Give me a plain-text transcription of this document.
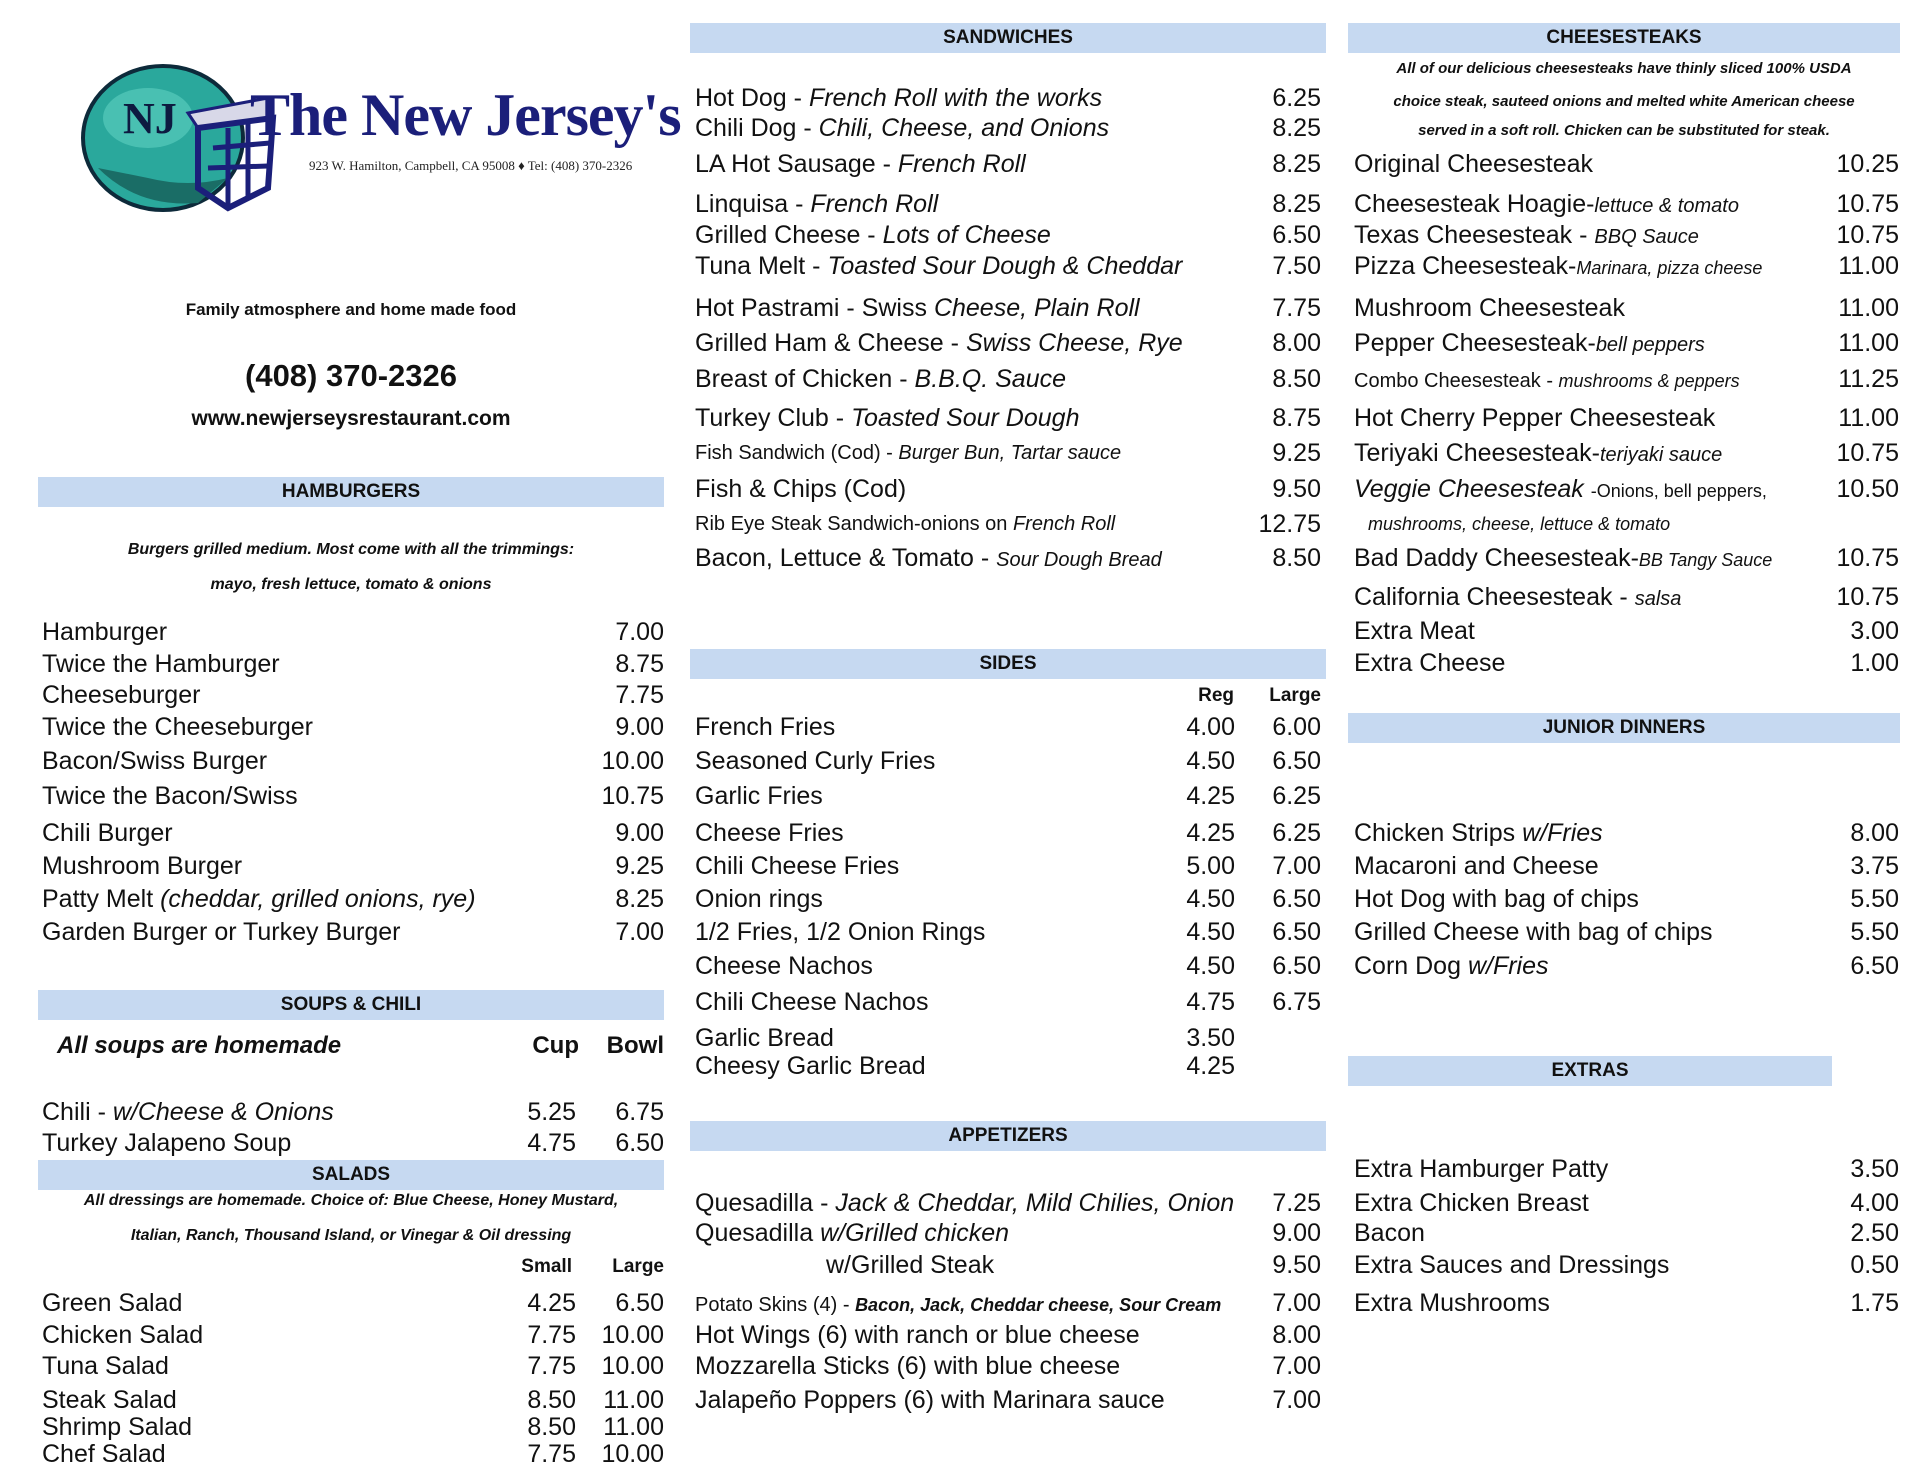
NJ The New Jersey's
923 W. Hamilton, Campbell, CA 95008 ♦ Tel: (408) 370-2326
Family atmosphere and home made food
(408) 370-2326
www.newjerseysrestaurant.com
HAMBURGERS
Burgers grilled medium. Most come with all the trimmings:
mayo, fresh lettuce, tomato & onions
Hamburger	7.00
Twice the Hamburger	8.75
Cheeseburger	7.75
Twice the Cheeseburger	9.00
Bacon/Swiss Burger	10.00
Twice the Bacon/Swiss	10.75
Chili Burger	9.00
Mushroom Burger	9.25
Patty Melt (cheddar, grilled onions, rye)	8.25
Garden Burger or Turkey Burger	7.00
SOUPS & CHILI
All soups are homemade	Cup Bowl
Chili - w/Cheese & Onions	5.25 6.75
Turkey Jalapeno Soup	4.75 6.50
SALADS
All dressings are homemade. Choice of: Blue Cheese, Honey Mustard,
Italian, Ranch, Thousand Island, or Vinegar & Oil dressing
Small	Large
Green Salad	4.25 6.50
Chicken Salad	7.75 10.00
Tuna Salad	7.75 10.00
Steak Salad	8.50 11.00
Shrimp Salad	8.50 11.00
Chef Salad	7.75 10.00
SANDWICHES
Hot Dog - French Roll with the works	6.25
Chili Dog - Chili, Cheese, and Onions	8.25
LA Hot Sausage - French Roll	8.25
Linquisa - French Roll	8.25
Grilled Cheese - Lots of Cheese	6.50
Tuna Melt - Toasted Sour Dough & Cheddar	7.50
Hot Pastrami - Swiss Cheese, Plain Roll	7.75
Grilled Ham & Cheese - Swiss Cheese, Rye	8.00
Breast of Chicken - B.B.Q. Sauce	8.50
Turkey Club - Toasted Sour Dough	8.75
Fish Sandwich (Cod) - Burger Bun, Tartar sauce	9.25
Fish & Chips (Cod)	9.50
Rib Eye Steak Sandwich-onions on French Roll	12.75
Bacon, Lettuce & Tomato - Sour Dough Bread	8.50
SIDES
Reg	Large
French Fries	4.00 6.00
Seasoned Curly Fries	4.50 6.50
Garlic Fries	4.25 6.25
Cheese Fries	4.25 6.25
Chili Cheese Fries	5.00 7.00
Onion rings	4.50 6.50
1/2 Fries, 1/2 Onion Rings	4.50 6.50
Cheese Nachos	4.50 6.50
Chili Cheese Nachos	4.75 6.75
Garlic Bread	3.50
Cheesy Garlic Bread	4.25
APPETIZERS
Quesadilla - Jack & Cheddar, Mild Chilies, Onion 7.25
Quesadilla w/Grilled chicken	9.00
w/Grilled Steak	9.50
Potato Skins (4) - Bacon, Jack, Cheddar cheese, Sour Cream 7.00
Hot Wings (6) with ranch or blue cheese	8.00
Mozzarella Sticks (6) with blue cheese	7.00
Jalapeño Poppers (6) with Marinara sauce	7.00
CHEESESTEAKS
All of our delicious cheesesteaks have thinly sliced 100% USDA
choice steak, sauteed onions and melted white American cheese
served in a soft roll. Chicken can be substituted for steak.
Original Cheesesteak	10.25
Cheesesteak Hoagie-lettuce & tomato	10.75
Texas Cheesesteak - BBQ Sauce	10.75
Pizza Cheesesteak-Marinara, pizza cheese	11.00
Mushroom Cheesesteak	11.00
Pepper Cheesesteak-bell peppers	11.00
Combo Cheesesteak - mushrooms & peppers	11.25
Hot Cherry Pepper Cheesesteak	11.00
Teriyaki Cheesesteak-teriyaki sauce	10.75
Veggie Cheesesteak -Onions, bell peppers,	10.50
mushrooms, cheese, lettuce & tomato
Bad Daddy Cheesesteak-BB Tangy Sauce	10.75
California Cheesesteak - salsa	10.75
Extra Meat	3.00
Extra Cheese	1.00
JUNIOR DINNERS
Chicken Strips w/Fries	8.00
Macaroni and Cheese	3.75
Hot Dog with bag of chips	5.50
Grilled Cheese with bag of chips	5.50
Corn Dog w/Fries	6.50
EXTRAS
Extra Hamburger Patty	3.50
Extra Chicken Breast	4.00
Bacon	2.50
Extra Sauces and Dressings	0.50
Extra Mushrooms	1.75
